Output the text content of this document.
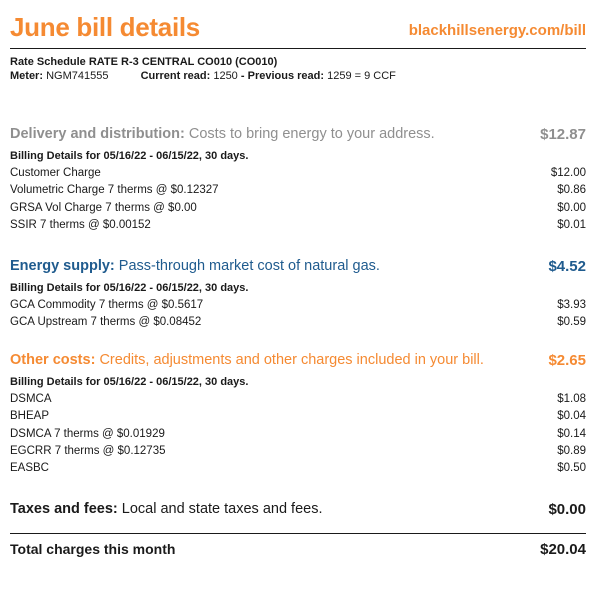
June bill details	blackhillsenergy.com/bill
Rate Schedule RATE R-3 CENTRAL CO010 (CO010)
Meter: NGM741555	Current read: 1250 - Previous read: 1259 = 9 CCF
Delivery and distribution: Costs to bring energy to your address.	$12.87
Billing Details for 05/16/22 - 06/15/22, 30 days.
Customer Charge	$12.00
Volumetric Charge 7 therms @ $0.12327	$0.86
GRSA Vol Charge 7 therms @ $0.00	$0.00
SSIR 7 therms @ $0.00152	$0.01
Energy supply: Pass-through market cost of natural gas.	$4.52
Billing Details for 05/16/22 - 06/15/22, 30 days.
GCA Commodity 7 therms @ $0.5617	$3.93
GCA Upstream 7 therms @ $0.08452	$0.59
Other costs: Credits, adjustments and other charges included in your bill.	$2.65
Billing Details for 05/16/22 - 06/15/22, 30 days.
DSMCA	$1.08
BHEAP	$0.04
DSMCA 7 therms @ $0.01929	$0.14
EGCRR 7 therms @ $0.12735	$0.89
EASBC	$0.50
Taxes and fees: Local and state taxes and fees.	$0.00
Total charges this month	$20.04
